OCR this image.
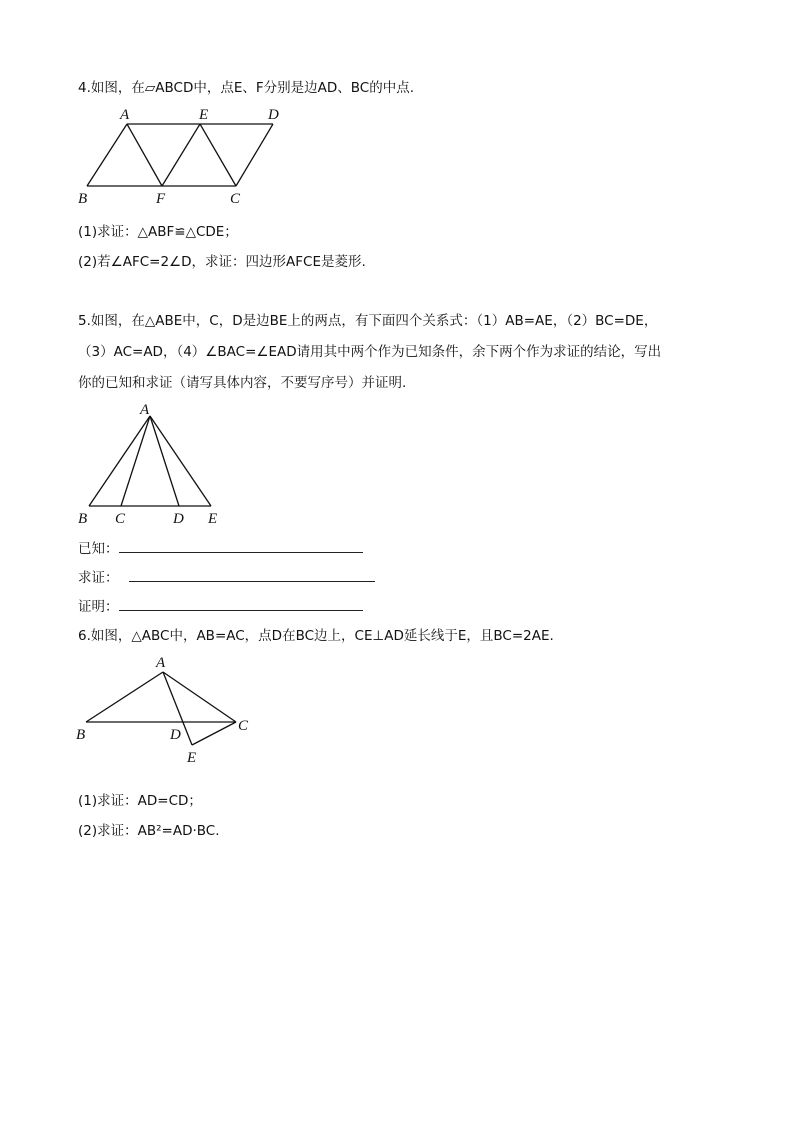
4.如图，在▱ABCD中，点E、F分别是边AD、BC的中点.
A	E	D
B	F	C
(1)求证：△ABF≌△CDE；
(2)若∠AFC=2∠D，求证：四边形AFCE是菱形.
5.如图，在△ABE中，C，D是边BE上的两点，有下面四个关系式：（1）AB=AE，（2）BC=DE，
（3）AC=AD，（4）∠BAC=∠EAD请用其中两个作为已知条件，余下两个作为求证的结论，写出
你的已知和求证（请写具体内容，不要写序号）并证明.
A
B C	D E
已知：
求证：
证明：
6.如图，△ABC中，AB=AC，点D在BC边上，CE⊥AD延长线于E，且BC=2AE.
A
B
C
D
E
(1)求证：AD=CD；
(2)求证：AB²=AD·BC.
